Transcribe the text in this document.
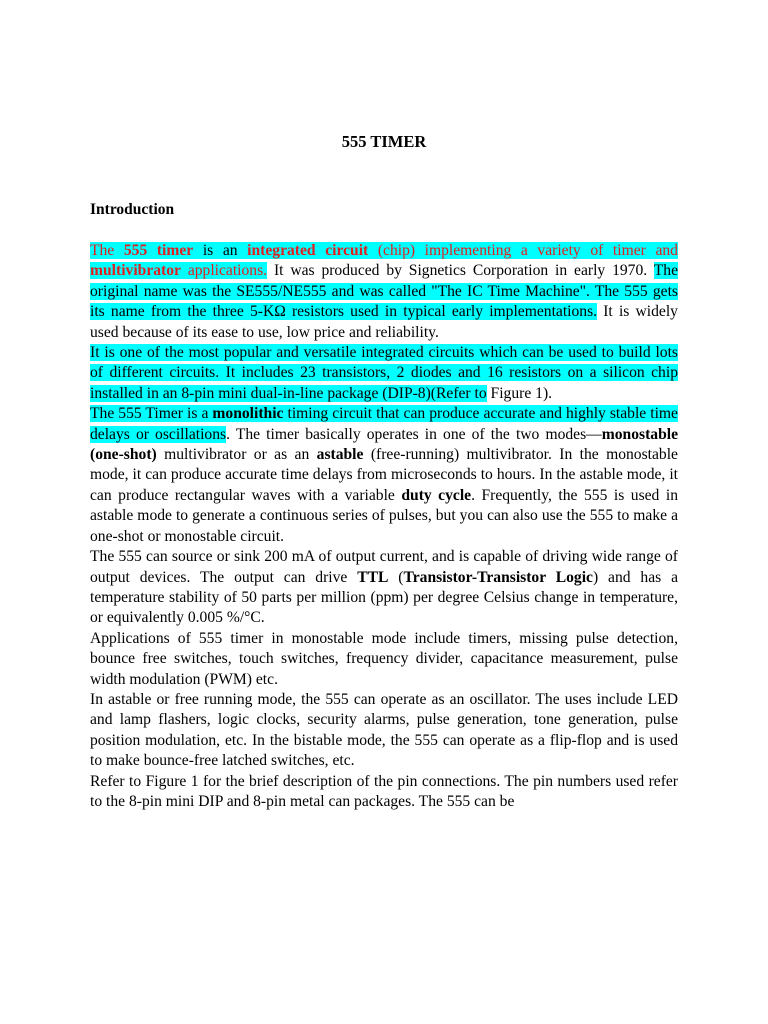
555 TIMER
Introduction

The 555 timer is an integrated circuit (chip) implementing a variety of timer and multivibrator applications. It was produced by Signetics Corporation in early 1970. The original name was the SE555/NE555 and was called "The IC Time Machine". The 555 gets its name from the three 5-KΩ resistors used in typical early implementations. It is widely used because of its ease to use, low price and reliability.

It is one of the most popular and versatile integrated circuits which can be used to build lots of different circuits. It includes 23 transistors, 2 diodes and 16 resistors on a silicon chip installed in an 8-pin mini dual-in-line package (DIP-8)(Refer to Figure 1).

The 555 Timer is a monolithic timing circuit that can produce accurate and highly stable time delays or oscillations. The timer basically operates in one of the two modes—monostable (one-shot) multivibrator or as an astable (free-running) multivibrator. In the monostable mode, it can produce accurate time delays from microseconds to hours. In the astable mode, it can produce rectangular waves with a variable duty cycle. Frequently, the 555 is used in astable mode to generate a continuous series of pulses, but you can also use the 555 to make a one-shot or monostable circuit.

The 555 can source or sink 200 mA of output current, and is capable of driving wide range of output devices. The output can drive TTL (Transistor-Transistor Logic) and has a temperature stability of 50 parts per million (ppm) per degree Celsius change in temperature, or equivalently 0.005 %/°C.

Applications of 555 timer in monostable mode include timers, missing pulse detection, bounce free switches, touch switches, frequency divider, capacitance measurement, pulse width modulation (PWM) etc.

In astable or free running mode, the 555 can operate as an oscillator. The uses include LED and lamp flashers, logic clocks, security alarms, pulse generation, tone generation, pulse position modulation, etc. In the bistable mode, the 555 can operate as a flip-flop and is used to make bounce-free latched switches, etc.

Refer to Figure 1 for the brief description of the pin connections. The pin numbers used refer to the 8-pin mini DIP and 8-pin metal can packages. The 555 can be
